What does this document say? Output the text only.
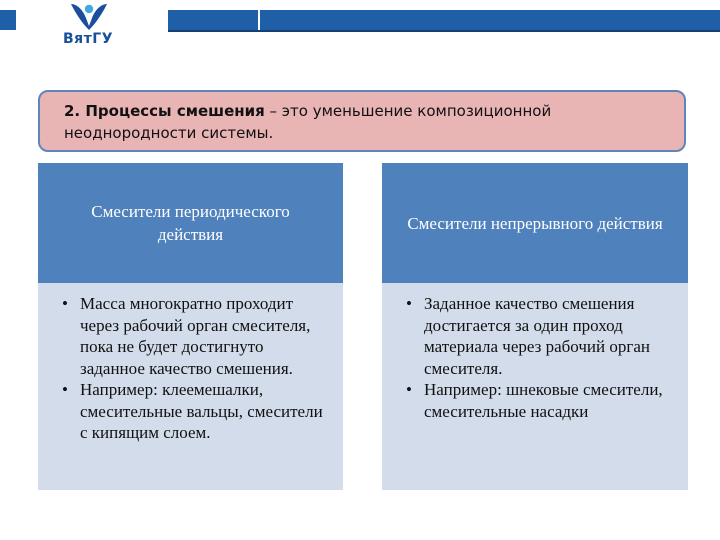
ВятГУ
2. Процессы смешения – это уменьшение композиционной неоднородности системы.
Смесители периодического действия
• Масса многократно проходит через рабочий орган смесителя, пока не будет достигнуто заданное качество смешения.
• Например: клеемешалки, смесительные вальцы, смесители с кипящим слоем.
Смесители непрерывного действия
• Заданное качество смешения достигается за один проход материала через рабочий орган смесителя.
• Например: шнековые смесители, смесительные насадки
